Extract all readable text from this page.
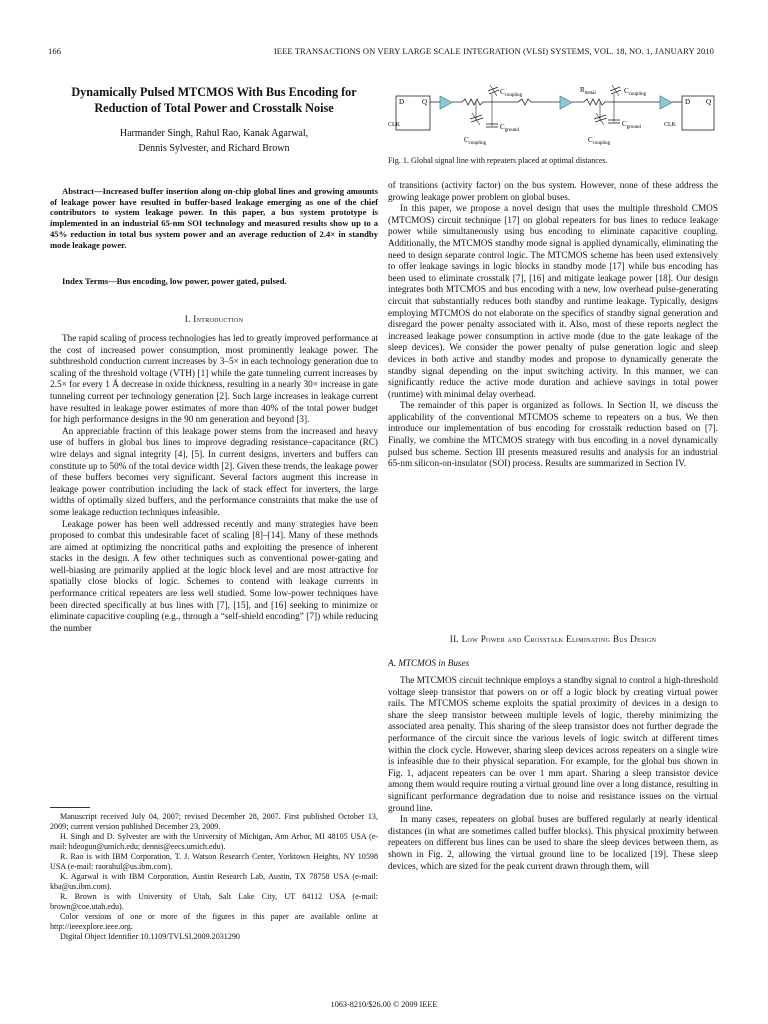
166	IEEE TRANSACTIONS ON VERY LARGE SCALE INTEGRATION (VLSI) SYSTEMS, VOL. 18, NO. 1, JANUARY 2010
Dynamically Pulsed MTCMOS With Bus Encoding for Reduction of Total Power and Crosstalk Noise
Harmander Singh, Rahul Rao, Kanak Agarwal,
Dennis Sylvester, and Richard Brown
Abstract—Increased buffer insertion along on-chip global lines and growing amounts of leakage power have resulted in buffer-based leakage emerging as one of the chief contributors to system leakage power. In this paper, a bus system prototype is implemented in an industrial 65-nm SOI technology and measured results show up to a 45% reduction in total bus system power and an average reduction of 2.4× in standby mode leakage power.
Index Terms—Bus encoding, low power, power gated, pulsed.
I. Introduction

The rapid scaling of process technologies has led to greatly improved performance at the cost of increased power consumption, most prominently leakage power. The subthreshold conduction current increases by 3–5× in each technology generation due to scaling of the threshold voltage (VTH) [1] while the gate tunneling current increases by 2.5× for every 1 Å decrease in oxide thickness, resulting in a nearly 30× increase in gate tunneling current per technology generation [2]. Such large increases in leakage current have resulted in leakage power estimates of more than 40% of the total power budget for high performance designs in the 90 nm generation and beyond [3].

An appreciable fraction of this leakage power stems from the increased and heavy use of buffers in global bus lines to improve degrading resistance–capacitance (RC) wire delays and signal integrity [4], [5]. In current designs, inverters and buffers can constitute up to 50% of the total device width [2]. Given these trends, the leakage power of these buffers becomes very significant. Several factors augment this increase in leakage power contribution including the lack of stack effect for inverters, the large widths of optimally sized buffers, and the performance constraints that make the use of some leakage reduction techniques infeasible.

Leakage power has been well addressed recently and many strategies have been proposed to combat this undesirable facet of scaling [8]–[14]. Many of these methods are aimed at optimizing the noncritical paths and exploiting the presence of inherent stacks in the design. A few other techniques such as conventional power-gating and well-biasing are primarily applied at the logic block level and are most attractive for spatially close blocks of logic. Schemes to contend with leakage currents in performance critical repeaters are less well studied. Some low-power techniques have been directed specifically at bus lines with [7], [15], and [16] seeking to minimize or eliminate capacitive coupling (e.g., through a “self-shield encoding” [7]) while reducing the number

Manuscript received July 04, 2007; revised December 28, 2007. First published October 13, 2009; current version published December 23, 2009.

H. Singh and D. Sylvester are with the University of Michigan, Ann Arbor, MI 48105 USA (e-mail: hdeogun@umich.edu; dennis@eecs.umich.edu).

R. Rao is with IBM Corporation, T. J. Watson Research Center, Yorktown Heights, NY 10598 USA (e-mail: raorahul@us.ibm.com).

K. Agarwal is with IBM Corporation, Austin Research Lab, Austin, TX 78758 USA (e-mail: kba@us.ibm.com).

R. Brown is with University of Utah, Salt Lake City, UT 84112 USA (e-mail: brown@coe.utah.edu).

Color versions of one or more of the figures in this paper are available online at http://ieeexplore.ieee.org.

Digital Object Identifier 10.1109/TVLSI.2009.2031290

D	Q
CLK
$C_{coupling}$
$C_{ground}$
$C_{coupling}$
$R_{metal}$	$C_{coupling}$
$C_{ground}$
$C_{coupling}$
D Q
CLK
Fig. 1. Global signal line with repeaters placed at optimal distances.

of transitions (activity factor) on the bus system. However, none of these address the growing leakage power problem on global buses.

In this paper, we propose a novel design that uses the multiple threshold CMOS (MTCMOS) circuit technique [17] on global repeaters for bus lines to reduce leakage power while simultaneously using bus encoding to eliminate capacitive coupling. Additionally, the MTCMOS standby mode signal is applied dynamically, eliminating the need to design separate control logic. The MTCMOS scheme has been used extensively to offer leakage savings in logic blocks in standby mode [17] while bus encoding has been used to eliminate crosstalk [7], [16] and mitigate leakage power [18]. Our design integrates both MTCMOS and bus encoding with a new, low overhead pulse-generating circuit that substantially reduces both standby and runtime leakage. Typically, designs employing MTCMOS do not elaborate on the specifics of standby signal generation and disregard the power penalty associated with it. Also, most of these reports neglect the increased leakage power consumption in active mode (due to the gate leakage of the sleep devices). We consider the power penalty of pulse generation logic and sleep devices in both active and standby modes and propose to dynamically generate the standby signal depending on the input switching activity. In this manner, we can significantly reduce the active mode duration and achieve savings in total power (runtime) with minimal delay overhead.

The remainder of this paper is organized as follows. In Section II, we discuss the applicability of the conventional MTCMOS scheme to repeaters on a bus. We then introduce our implementation of bus encoding for crosstalk reduction based on [7]. Finally, we combine the MTCMOS strategy with bus encoding in a novel dynamically pulsed bus scheme. Section III presents measured results and analysis for an industrial 65-nm silicon-on-insulator (SOI) process. Results are summarized in Section IV.

II. Low Power and Crosstalk Eliminating Bus Design
A. MTCMOS in Buses

The MTCMOS circuit technique employs a standby signal to control a high-threshold voltage sleep transistor that powers on or off a logic block by creating virtual power rails. The MTCMOS scheme exploits the spatial proximity of devices in a design to share the sleep transistor between multiple levels of logic, thereby minimizing the associated area penalty. This sharing of the sleep transistor does not further degrade the performance of the circuit since the various levels of logic switch at different times within the clock cycle. However, sharing sleep devices across repeaters on a single wire is infeasible due to their physical separation. For example, for the global bus shown in Fig. 1, adjacent repeaters can be over 1 mm apart. Sharing a sleep transistor device among them would require routing a virtual ground line over a long distance, resulting in significant performance degradation due to noise and resistance issues on the virtual ground line.

In many cases, repeaters on global buses are buffered regularly at nearly identical distances (in what are sometimes called buffer blocks). This physical proximity between repeaters on different bus lines can be used to share the sleep devices between them, as shown in Fig. 2, allowing the virtual ground line to be localized [19]. These sleep devices, which are sized for the peak current drawn through them, will

1063-8210/$26.00 © 2009 IEEE
